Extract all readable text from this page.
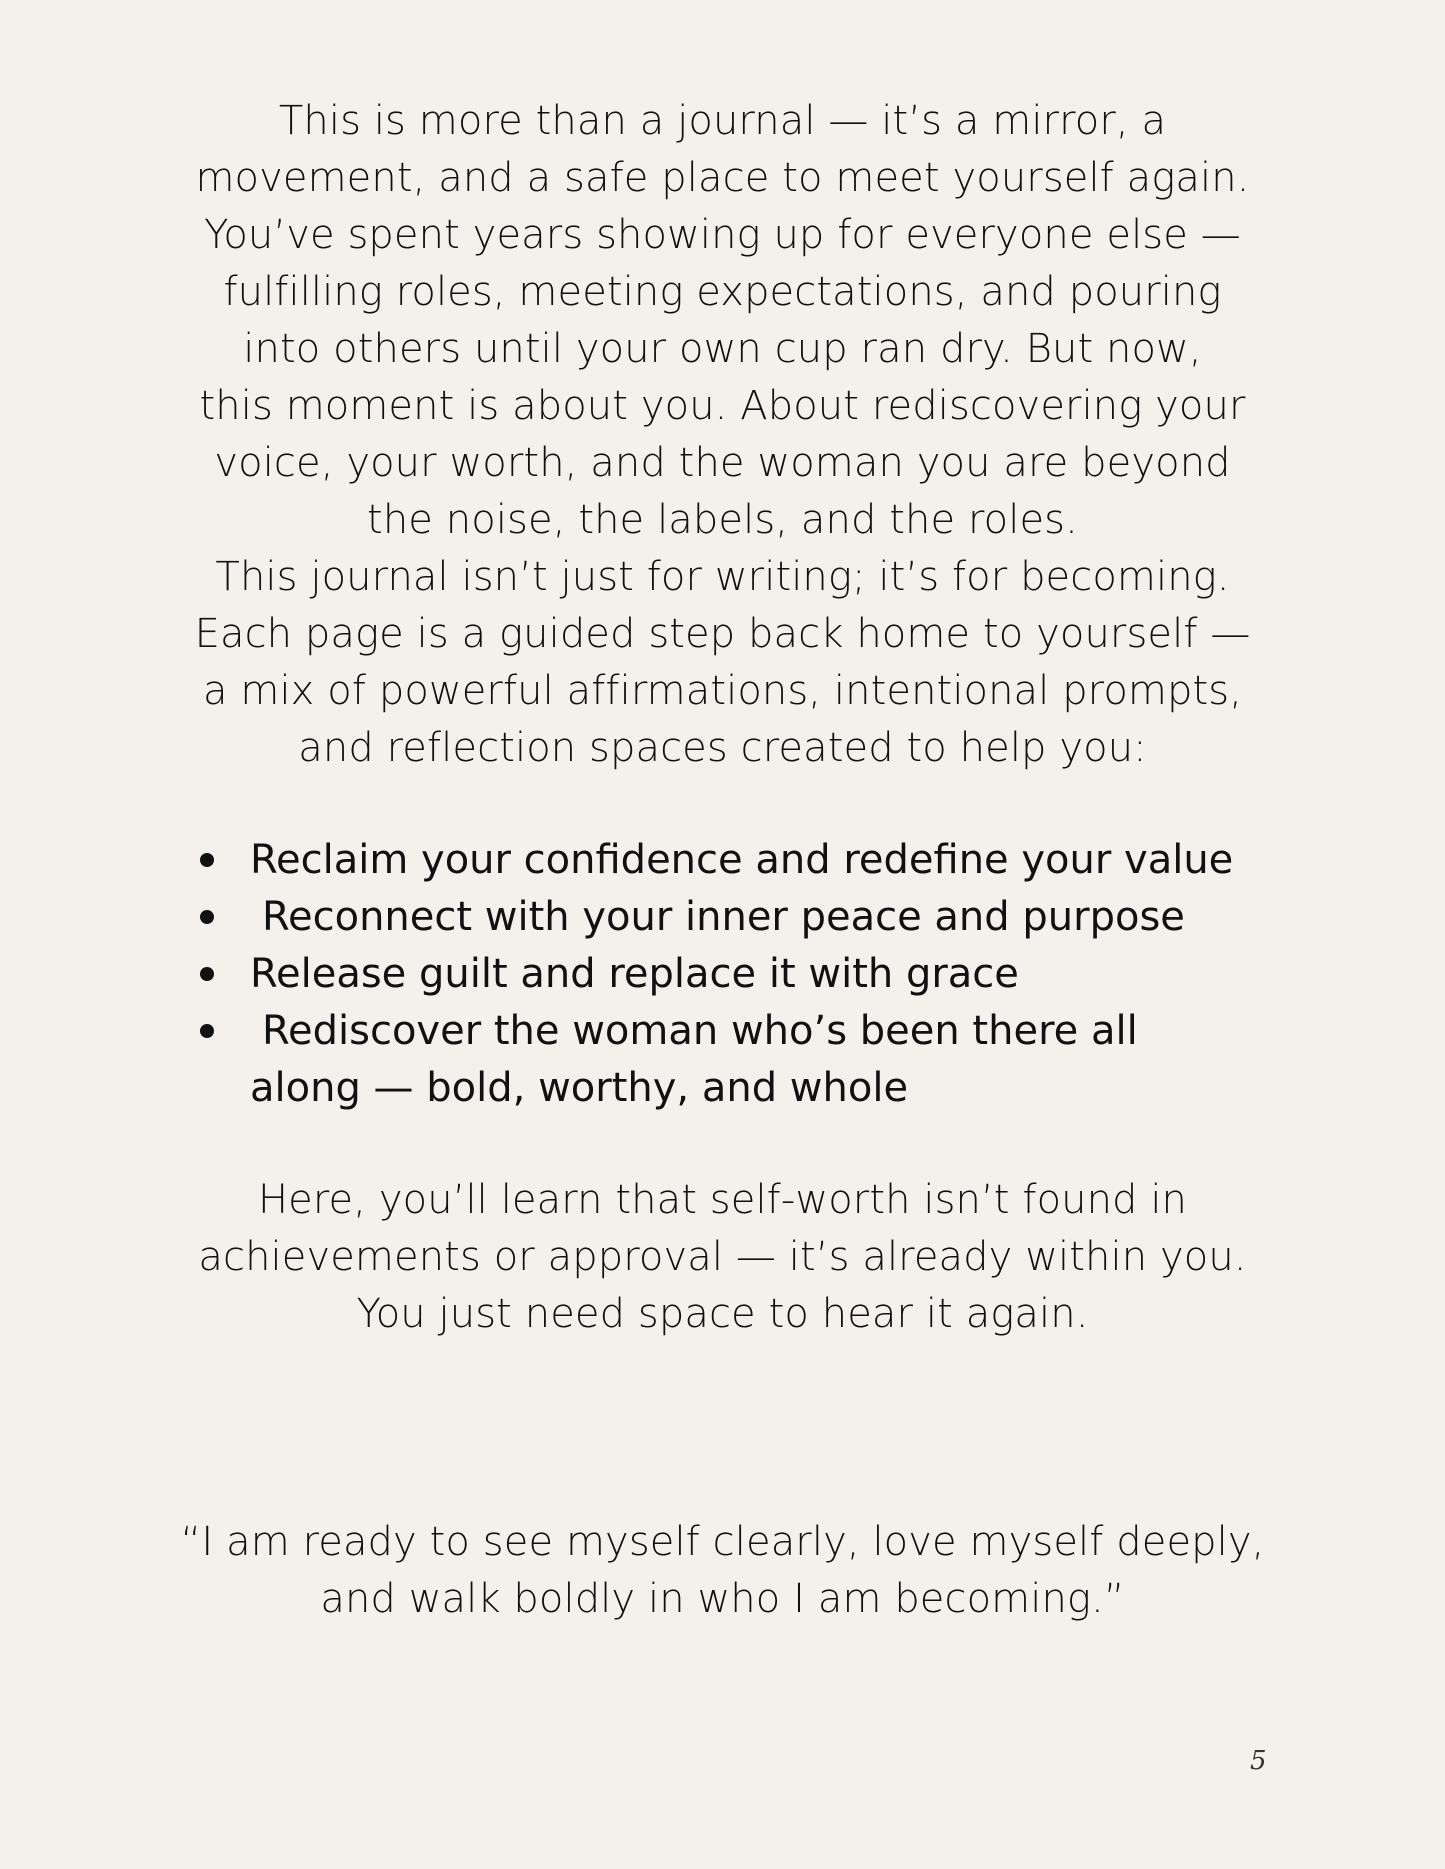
This is more than a journal — it’s a mirror, a
movement, and a safe place to meet yourself again.
You’ve spent years showing up for everyone else —
fulfilling roles, meeting expectations, and pouring
into others until your own cup ran dry. But now,
this moment is about you. About rediscovering your
voice, your worth, and the woman you are beyond
the noise, the labels, and the roles.
This journal isn’t just for writing; it’s for becoming.
Each page is a guided step back home to yourself —
a mix of powerful affirmations, intentional prompts,
and reflection spaces created to help you:
Reclaim your confidence and redefine your value
Reconnect with your inner peace and purpose
Release guilt and replace it with grace
Rediscover the woman who’s been there all
along — bold, worthy, and whole
Here, you’ll learn that self-worth isn’t found in
achievements or approval — it’s already within you.
You just need space to hear it again.
“I am ready to see myself clearly, love myself deeply,
and walk boldly in who I am becoming.”
5
